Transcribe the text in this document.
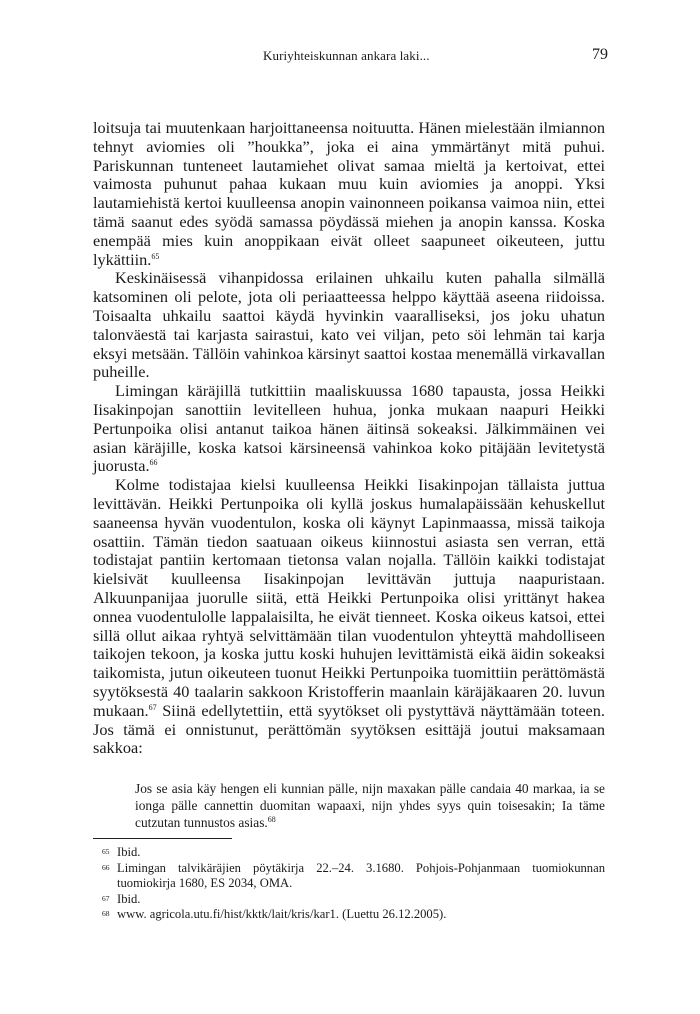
Kuriyhteiskunnan ankara laki...	79

loitsuja tai muutenkaan harjoittaneensa noituutta. Hänen mielestään ilmiannon tehnyt aviomies oli ”houkka”, joka ei aina ymmärtänyt mitä puhui. Pariskunnan tunteneet lautamiehet olivat samaa mieltä ja kertoivat, ettei vaimosta puhunut pahaa kukaan muu kuin aviomies ja anoppi. Yksi lautamiehistä kertoi kuulleensa anopin vainonneen poikansa vaimoa niin, ettei tämä saanut edes syödä samassa pöydässä miehen ja anopin kanssa. Koska enempää mies kuin anoppikaan eivät olleet saapuneet oikeuteen, juttu lykättiin.$^{65}$

Keskinäisessä vihanpidossa erilainen uhkailu kuten pahalla silmällä katsominen oli pelote, jota oli periaatteessa helppo käyttää aseena riidoissa. Toisaalta uhkailu saattoi käydä hyvinkin vaaralliseksi, jos joku uhatun talonväestä tai karjasta sairastui, kato vei viljan, peto söi lehmän tai karja eksyi metsään. Tällöin vahinkoa kärsinyt saattoi kostaa menemällä virkavallan puheille.

Limingan käräjillä tutkittiin maaliskuussa 1680 tapausta, jossa Heikki Iisakinpojan sanottiin levitelleen huhua, jonka mukaan naapuri Heikki Pertunpoika olisi antanut taikoa hänen äitinsä sokeaksi. Jälkimmäinen vei asian käräjille, koska katsoi kärsineensä vahinkoa koko pitäjään levitetystä juorusta.$^{66}$

Kolme todistajaa kielsi kuulleensa Heikki Iisakinpojan tällaista juttua levittävän. Heikki Pertunpoika oli kyllä joskus humalapäissään kehuskellut saaneensa hyvän vuodentulon, koska oli käynyt Lapinmaassa, missä taikoja osattiin. Tämän tiedon saatuaan oikeus kiinnostui asiasta sen verran, että todistajat pantiin kertomaan tietonsa valan nojalla. Tällöin kaikki todistajat kielsivät kuulleensa Iisakinpojan levittävän juttuja naapuristaan. Alkuunpanijaa juorulle siitä, että Heikki Pertunpoika olisi yrittänyt hakea onnea vuodentulolle lappalaisilta, he eivät tienneet. Koska oikeus katsoi, ettei sillä ollut aikaa ryhtyä selvittämään tilan vuodentulon yhteyttä mahdolliseen taikojen tekoon, ja koska juttu koski huhujen levittämistä eikä äidin sokeaksi taikomista, jutun oikeuteen tuonut Heikki Pertunpoika tuomittiin perättömästä syytöksestä 40 taalarin sakkoon Kristofferin maanlain käräjäkaaren 20. luvun mukaan.$^{67}$ Siinä edellytettiin, että syytökset oli pystyttävä näyttämään toteen. Jos tämä ei onnistunut, perättömän syytöksen esittäjä joutui maksamaan sakkoa:

Jos se asia käy hengen eli kunnian pälle, nijn maxakan pälle candaia 40 markaa, ia se ionga pälle cannettin duomitan wapaaxi, nijn yhdes syys quin toisesakin; Ia täme cutzutan tunnustos asias.$^{68}$
65 Ibid.
66 Limingan talvikäräjien pöytäkirja 22.–24. 3.1680. Pohjois-Pohjanmaan tuomiokunnan tuomiokirja 1680, ES 2034, OMA.
67 Ibid.
68 www. agricola.utu.fi/hist/kktk/lait/kris/kar1. (Luettu 26.12.2005).
